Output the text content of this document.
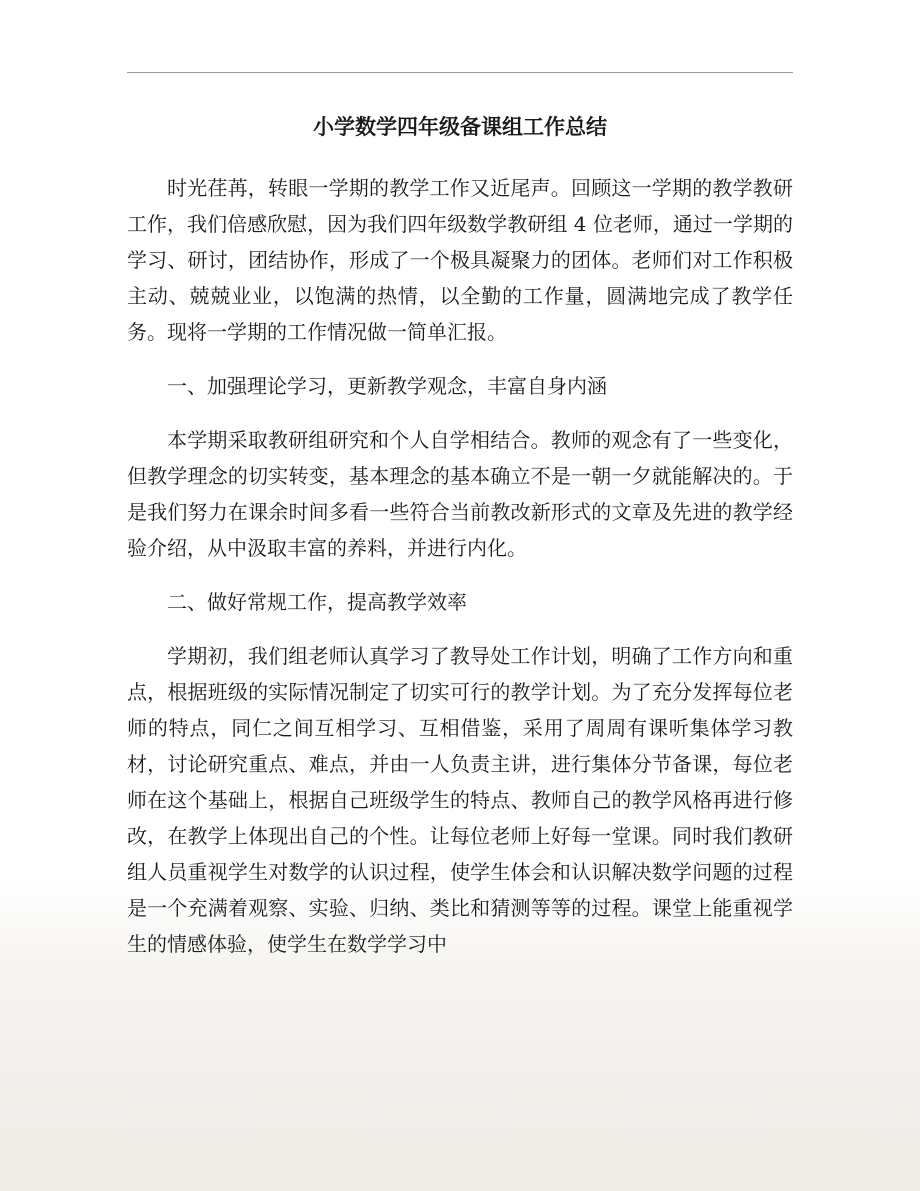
小学数学四年级备课组工作总结

时光荏苒，转眼一学期的教学工作又近尾声。回顾这一学期的教学教研工作，我们倍感欣慰，因为我们四年级数学教研组 4 位老师，通过一学期的学习、研讨，团结协作，形成了一个极具凝聚力的团体。老师们对工作积极主动、兢兢业业，以饱满的热情，以全勤的工作量，圆满地完成了教学任务。现将一学期的工作情况做一简单汇报。

一、加强理论学习，更新教学观念，丰富自身内涵

本学期采取教研组研究和个人自学相结合。教师的观念有了一些变化，但教学理念的切实转变，基本理念的基本确立不是一朝一夕就能解决的。于是我们努力在课余时间多看一些符合当前教改新形式的文章及先进的教学经验介绍，从中汲取丰富的养料，并进行内化。

二、做好常规工作，提高教学效率

学期初，我们组老师认真学习了教导处工作计划，明确了工作方向和重点，根据班级的实际情况制定了切实可行的教学计划。为了充分发挥每位老师的特点，同仁之间互相学习、互相借鉴，采用了周周有课听集体学习教材，讨论研究重点、难点，并由一人负责主讲，进行集体分节备课，每位老师在这个基础上，根据自己班级学生的特点、教师自己的教学风格再进行修改，在教学上体现出自己的个性。让每位老师上好每一堂课。同时我们教研组人员重视学生对数学的认识过程，使学生体会和认识解决数学问题的过程是一个充满着观察、实验、归纳、类比和猜测等等的过程。课堂上能重视学生的情感体验，使学生在数学学习中
